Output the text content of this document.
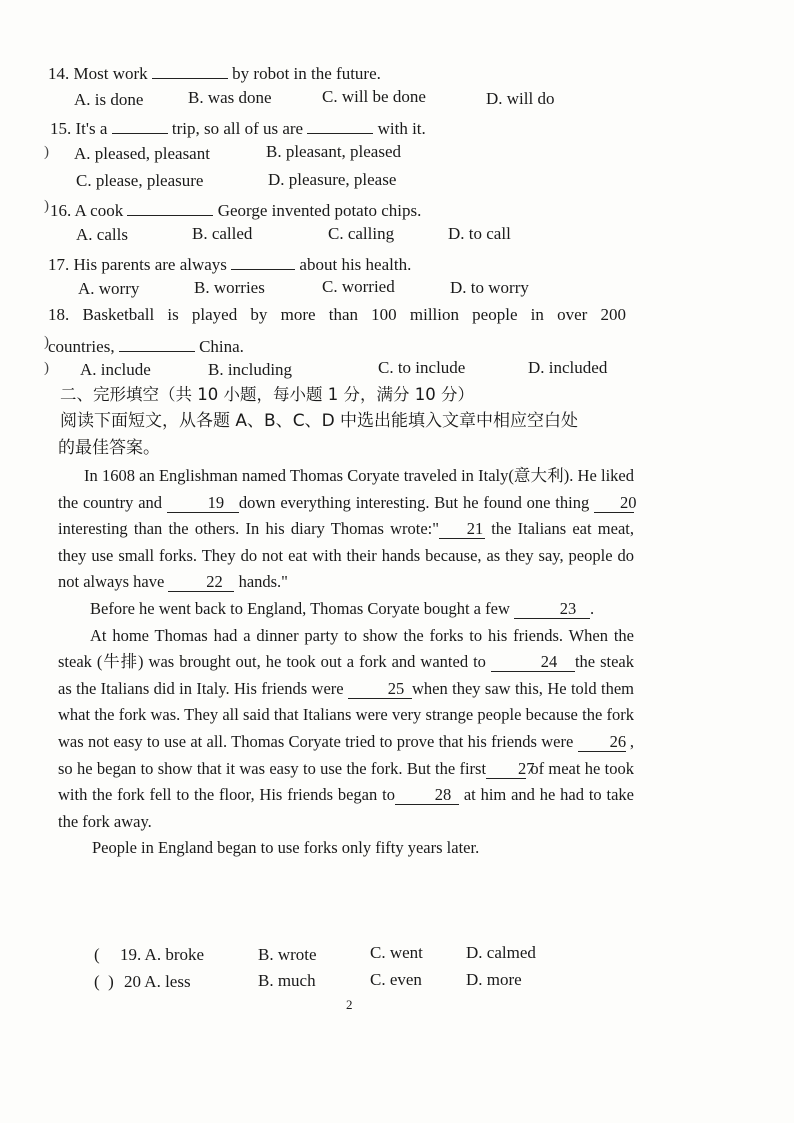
14. Most work	by robot in the future.
A. is done	B. was done	C. will be done	D. will do
15. It's a	trip, so all of us are	with it.
A. pleased, pleasant	B. pleasant, pleased
C. please, pleasure	D. pleasure, please
16. A cook	George invented potato chips.
A. calls	B. called	C. calling	D. to call
17. His parents are always	about his health.
A. worry	B. worries	C. worried	D. to worry
18. Basketball is played by more than 100 million people in over 200
countries,	China.
A. include	B. including	C. to include	D. included
)
)
)
)
二、完形填空（共 10 小题，每小题 1 分，满分 10 分）
阅读下面短文，从各题 A、B、C、D 中选出能填入文章中相应空白处
的最佳答案。

In 1608 an Englishman named Thomas Coryate traveled in Italy(意大利). He liked the country and	19 down everything interesting. But he found one thing 20 interesting than the others. In his diary Thomas wrote:" 21 the Italians eat meat, they use small forks. They do not eat with their hands because, as they say, people do not always have	22 hands."

Before he went back to England, Thomas Coryate bought a few	23 .

At home Thomas had a dinner party to show the forks to his friends. When the steak (牛排) was brought out, he took out a fork and wanted to	24 the steak as the Italians did in Italy. His friends were	25 when they saw this, He told them what the fork was. They all said that Italians were very strange people because the fork was not easy to use at all. Thomas Coryate tried to prove that his friends were 26 , so he began to show that it was easy to use the fork. But the first 27 of meat he took with the fork fell to the floor, His friends began to 28 at him and he had to take the fork away.

People in England began to use forks only fifty years later.

( 19. A. broke	B. wrote	C. went	D. calmed
(  ) 20 A. less	B. much	C. even	D. more
2
